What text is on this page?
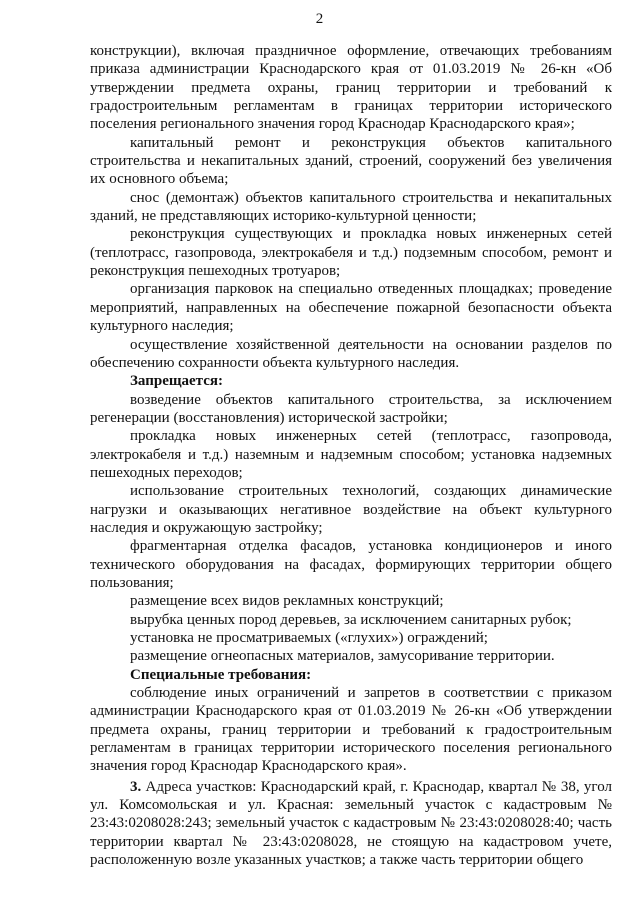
2

конструкции), включая праздничное оформление, отвечающих требованиям приказа администрации Краснодарского края от 01.03.2019 № 26-кн «Об утверждении предмета охраны, границ территории и требований к градостроительным регламентам в границах территории исторического поселения регионального значения город Краснодар Краснодарского края»;

капитальный ремонт и реконструкция объектов капитального строительства и некапитальных зданий, строений, сооружений без увеличения их основного объема;

снос (демонтаж) объектов капитального строительства и некапитальных зданий, не представляющих историко-культурной ценности;

реконструкция существующих и прокладка новых инженерных сетей (теплотрасс, газопровода, электрокабеля и т.д.) подземным способом, ремонт и реконструкция пешеходных тротуаров;

организация парковок на специально отведенных площадках; проведение мероприятий, направленных на обеспечение пожарной безопасности объекта культурного наследия;

осуществление хозяйственной деятельности на основании разделов по обеспечению сохранности объекта культурного наследия.

Запрещается:

возведение объектов капитального строительства, за исключением регенерации (восстановления) исторической застройки;

прокладка новых инженерных сетей (теплотрасс, газопровода, электрокабеля и т.д.) наземным и надземным способом; установка надземных пешеходных переходов;

использование строительных технологий, создающих динамические нагрузки и оказывающих негативное воздействие на объект культурного наследия и окружающую застройку;

фрагментарная отделка фасадов, установка кондиционеров и иного технического оборудования на фасадах, формирующих территории общего пользования;

размещение всех видов рекламных конструкций;

вырубка ценных пород деревьев, за исключением санитарных рубок;

установка не просматриваемых («глухих») ограждений;

размещение огнеопасных материалов, замусоривание территории.

Специальные требования:

соблюдение иных ограничений и запретов в соответствии с приказом администрации Краснодарского края от 01.03.2019 № 26-кн «Об утверждении предмета охраны, границ территории и требований к градостроительным регламентам в границах территории исторического поселения регионального значения город Краснодар Краснодарского края».

3. Адреса участков: Краснодарский край, г. Краснодар, квартал № 38, угол ул. Комсомольская и ул. Красная: земельный участок с кадастровым № 23:43:0208028:243; земельный участок с кадастровым № 23:43:0208028:40; часть территории квартал № 23:43:0208028, не стоящую на кадастровом учете, расположенную возле указанных участков; а также часть территории общего
